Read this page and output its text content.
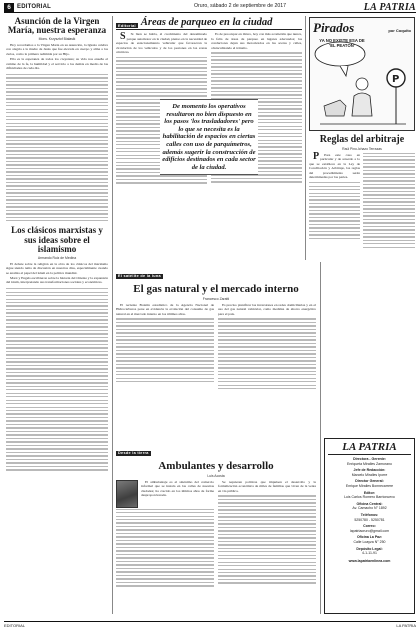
6	EDITORIAL	Oruro, sábado 2 de septiembre de 2017	LA PATRIA
Asunción de la Virgen María, nuestra esperanza
Mons. Krzysztof Białasik

Hoy recordamos a la Virgen María en su Asunción, la Iglesia celebra con alegría a la madre de Jesús que fue elevada en cuerpo y alma a los cielos, como la primera redimida por su Hijo.

Ella es la esperanza de todos los creyentes; su vida nos enseña el camino de la fe, la humildad y el servicio a los demás en medio de las dificultades de cada día.

Los clásicos marxistas y sus ideas sobre el islamismo
Armando Ruiz de Medina

El debate sobre la religión en la obra de los clásicos del marxismo sigue siendo tema de discusión en nuestros días, especialmente cuando se analiza el papel del islam en la política mundial.

Marx y Engels escribieron sobre la historia del Oriente y la expansión del islam, interpretando sus transformaciones sociales y económicas.

Editorial Áreas de parqueo en la ciudad

S Si bien se habla, al crecimiento del denominado parque automotor en la ciudad, pienso en la necesidad de espacios de estacionamiento vehicular que favorezcan la circulación de los vehículos y de los peatones en las zonas céntricas.

Es de preocupar en Oruro, hoy con más acometida que nunca, la falta de áreas de parqueo en lugares adecuados; los conductores dejan sus motorizados en las aceras y calles, obstaculizando el tránsito.

De momento los operativos resultaron no bien dispuesto en los pasos 'los trasladadores' pero lo que se necesita es la habilitación de espacios en ciertas calles con uso de parquímetros, además sugerir la construcción de edificios destinados en cada sector de la ciudad.
Pirados	por Coquito
P
YA NO EXISTE ESA DE 'EL PEATÓN'
Reglas del arbitraje
Raúl Pino-Ichazo Terrazas

P Para este caso en particular y de acuerdo a lo que se establece en la Ley de Conciliación y Arbitraje, las reglas del procedimiento serán determinadas por las partes.

El satélite de la luna
El gas natural y el mercado interno
Francesco Zaratti

El reciente Boletín estadístico de la Agencia Nacional de Hidrocarburos pone en evidencia la evolución del consumo de gas natural en el mercado interno en los últimos años.

Es preciso planificar las inversiones en redes domiciliarias y en el uso del gas natural vehicular, como medidas de ahorro energético para el país.

Desde la tierra
Ambulantes y desarrollo
Luis Acosta

El ambulantaje es el sinónimo del comercio informal que se instala en las calles de nuestras ciudades; ha crecido en los últimos años de forma desproporcionada.

Se requieren políticas que impulsen el desarrollo y la formalización económica de miles de familias que viven de la venta en vía pública.

LA PATRIA
Directora - Gerente:
Enriqueta Miralles Zamorano
Jefe de Redacción:
Marcelo Miralles Iporre
Director General:
Enrique Miralles Bonnecarrere
Editor:
Luis Carlos Romero Barrionuevo
Oficina Central:
Av. Camacho N° 1892
Teléfonos:
5250780 - 5250781
Correo:
lapatriaoruro@gmail.com
Oficina La Paz:
Calle Loayza N° 250
Depósito Legal:
4-1-11-91
www.lapatriaenlinea.com
EDITORIAL	LA PATRIA
